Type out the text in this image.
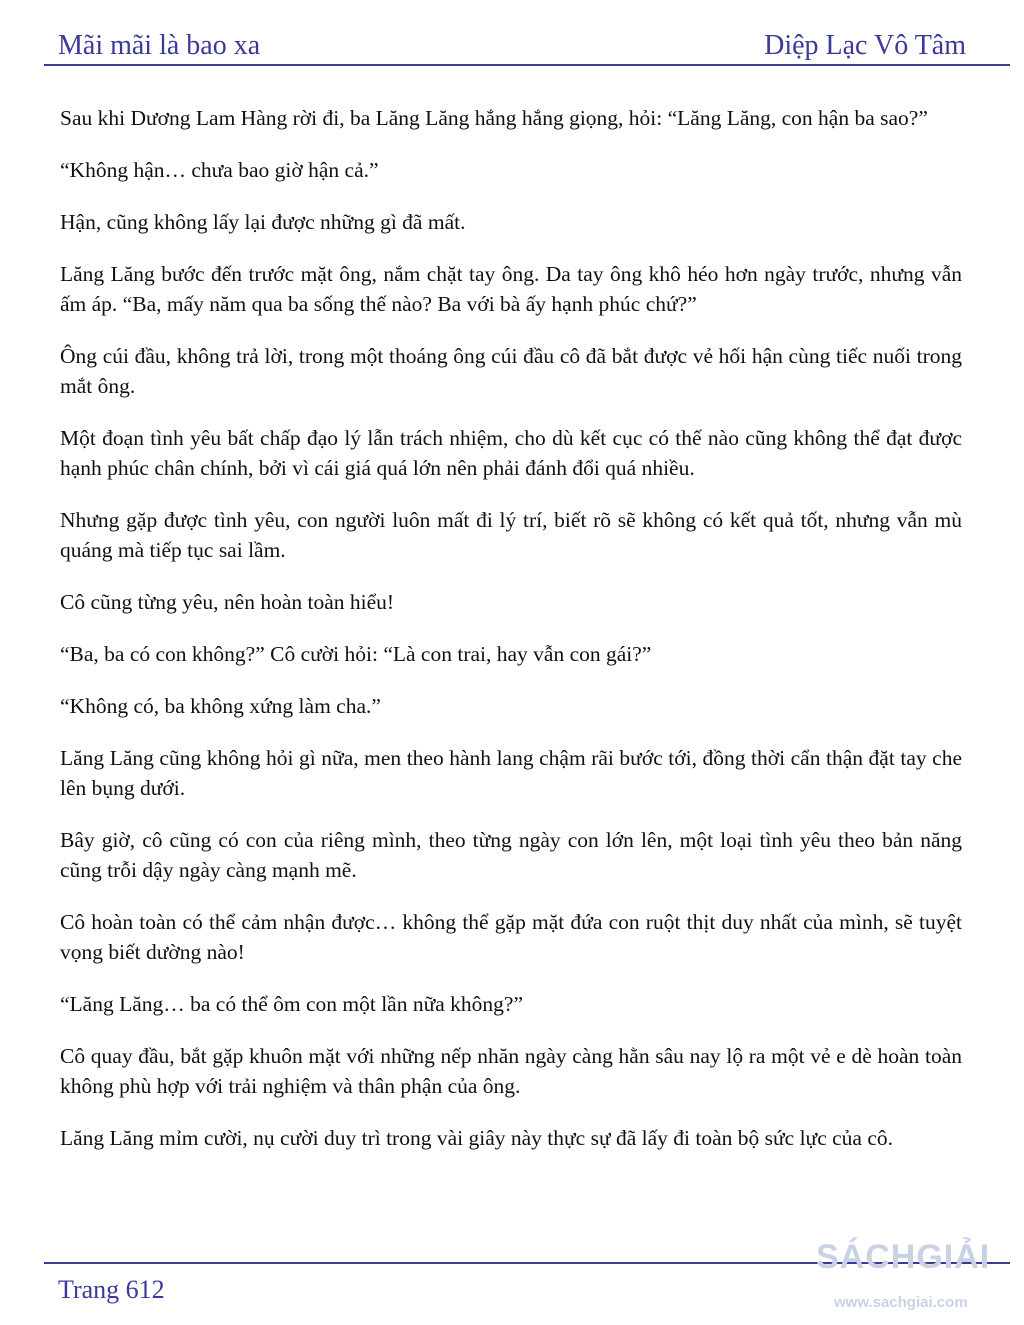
Mãi mãi là bao xa	Diệp Lạc Vô Tâm

Sau khi Dương Lam Hàng rời đi, ba Lăng Lăng hắng hắng giọng, hỏi: “Lăng Lăng, con hận ba sao?”

“Không hận… chưa bao giờ hận cả.”

Hận, cũng không lấy lại được những gì đã mất.

Lăng Lăng bước đến trước mặt ông, nắm chặt tay ông. Da tay ông khô héo hơn ngày trước, nhưng vẫn ấm áp. “Ba, mấy năm qua ba sống thế nào? Ba với bà ấy hạnh phúc chứ?”

Ông cúi đầu, không trả lời, trong một thoáng ông cúi đầu cô đã bắt được vẻ hối hận cùng tiếc nuối trong mắt ông.

Một đoạn tình yêu bất chấp đạo lý lẫn trách nhiệm, cho dù kết cục có thế nào cũng không thể đạt được hạnh phúc chân chính, bởi vì cái giá quá lớn nên phải đánh đổi quá nhiều.

Nhưng gặp được tình yêu, con người luôn mất đi lý trí, biết rõ sẽ không có kết quả tốt, nhưng vẫn mù quáng mà tiếp tục sai lầm.

Cô cũng từng yêu, nên hoàn toàn hiểu!

“Ba, ba có con không?” Cô cười hỏi: “Là con trai, hay vẫn con gái?”

“Không có, ba không xứng làm cha.”

Lăng Lăng cũng không hỏi gì nữa, men theo hành lang chậm rãi bước tới, đồng thời cẩn thận đặt tay che lên bụng dưới.

Bây giờ, cô cũng có con của riêng mình, theo từng ngày con lớn lên, một loại tình yêu theo bản năng cũng trỗi dậy ngày càng mạnh mẽ.

Cô hoàn toàn có thể cảm nhận được… không thể gặp mặt đứa con ruột thịt duy nhất của mình, sẽ tuyệt vọng biết dường nào!

“Lăng Lăng… ba có thể ôm con một lần nữa không?”

Cô quay đầu, bắt gặp khuôn mặt với những nếp nhăn ngày càng hằn sâu nay lộ ra một vẻ e dè hoàn toàn không phù hợp với trải nghiệm và thân phận của ông.

Lăng Lăng mỉm cười, nụ cười duy trì trong vài giây này thực sự đã lấy đi toàn bộ sức lực của cô.

Trang 612
SÁCHGIẢI
www.sachgiai.com
